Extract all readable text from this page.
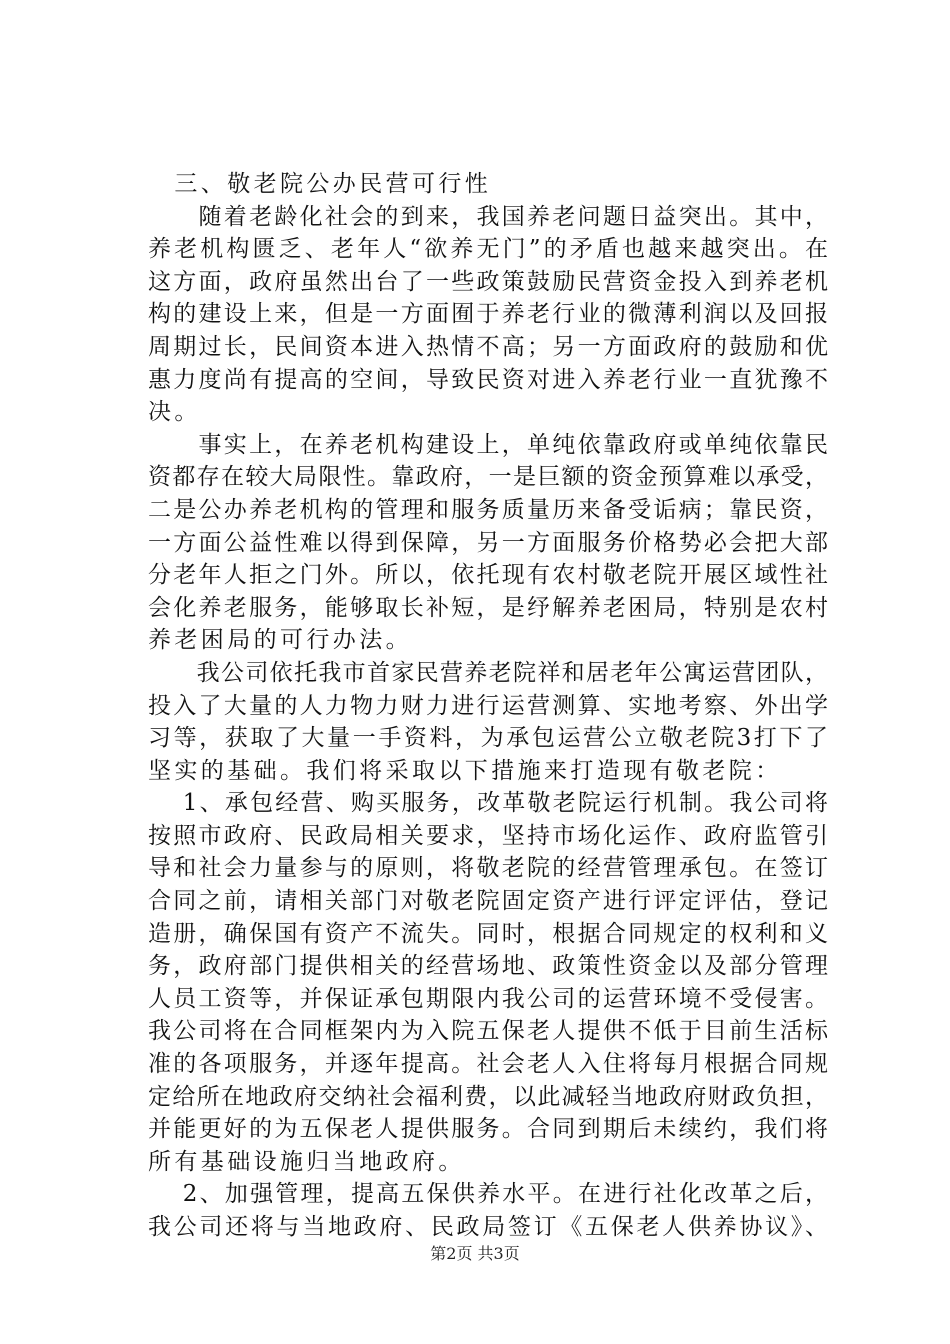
　三、敬老院公办民营可行性
　　随着老龄化社会的到来，我国养老问题日益突出。其中，
养老机构匮乏、老年人“欲养无门”的矛盾也越来越突出。在
这方面，政府虽然出台了一些政策鼓励民营资金投入到养老机
构的建设上来，但是一方面囿于养老行业的微薄利润以及回报
周期过长，民间资本进入热情不高；另一方面政府的鼓励和优
惠力度尚有提高的空间，导致民资对进入养老行业一直犹豫不
决。
　　事实上，在养老机构建设上，单纯依靠政府或单纯依靠民
资都存在较大局限性。靠政府，一是巨额的资金预算难以承受，
二是公办养老机构的管理和服务质量历来备受诟病；靠民资，
一方面公益性难以得到保障，另一方面服务价格势必会把大部
分老年人拒之门外。所以，依托现有农村敬老院开展区域性社
会化养老服务，能够取长补短，是纾解养老困局，特别是农村
养老困局的可行办法。
　　我公司依托我市首家民营养老院祥和居老年公寓运营团队，
投入了大量的人力物力财力进行运营测算、实地考察、外出学
习等，获取了大量一手资料，为承包运营公立敬老院3打下了
坚实的基础。我们将采取以下措施来打造现有敬老院：
　 1、承包经营、购买服务，改革敬老院运行机制。我公司将
按照市政府、民政局相关要求，坚持市场化运作、政府监管引
导和社会力量参与的原则，将敬老院的经营管理承包。在签订
合同之前，请相关部门对敬老院固定资产进行评定评估，登记
造册，确保国有资产不流失。同时，根据合同规定的权利和义
务，政府部门提供相关的经营场地、政策性资金以及部分管理
人员工资等，并保证承包期限内我公司的运营环境不受侵害。
我公司将在合同框架内为入院五保老人提供不低于目前生活标
准的各项服务，并逐年提高。社会老人入住将每月根据合同规
定给所在地政府交纳社会福利费，以此减轻当地政府财政负担，
并能更好的为五保老人提供服务。合同到期后未续约，我们将
所有基础设施归当地政府。
　 2、加强管理，提高五保供养水平。在进行社化改革之后，
我公司还将与当地政府、民政局签订《五保老人供养协议》、
第2页 共3页
